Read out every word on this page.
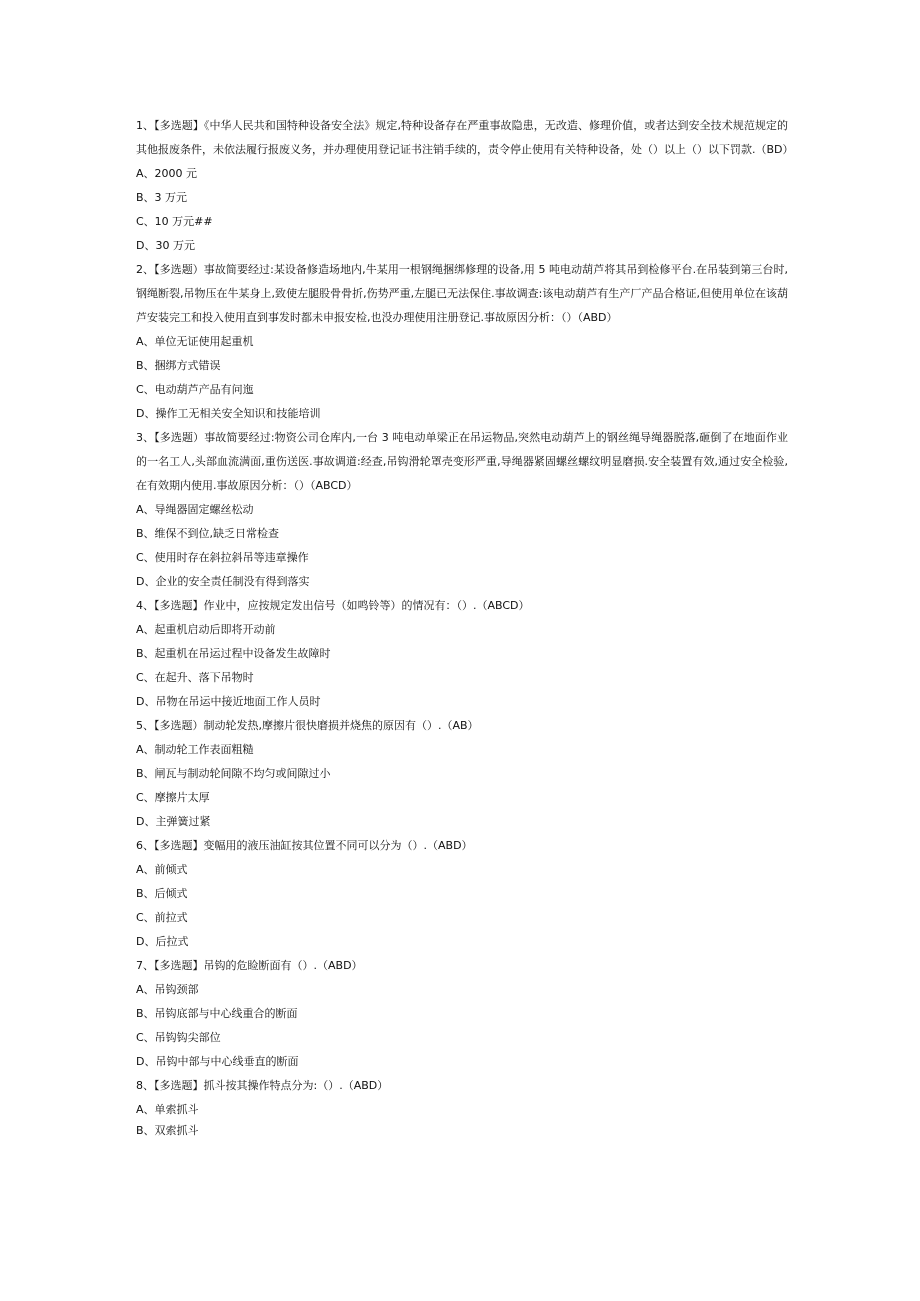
1、【多选题】《中华人民共和国特种设备安全法》规定,特种设备存在严重事故隐患，无改造、修理价值，或者达到安全技术规范规定的其他报废条件，未依法履行报废义务，并办理使用登记证书注销手续的，责令停止使用有关特种设备，处（）以上（）以下罚款.（BD）

A、2000 元

B、3 万元

C、10 万元##

D、30 万元

2、【多选题）事故简要经过:某设备修造场地内,牛某用一根钢绳捆绑修理的设备,用 5 吨电动葫芦将其吊到检修平台.在吊装到第三台时,钢绳断裂,吊物压在牛某身上,致使左腿股骨骨折,伤势严重,左腿已无法保住.事故调查:该电动葫芦有生产厂产品合格证,但使用单位在该葫芦安装完工和投入使用直到事发时都未申报安检,也没办理使用注册登记.事故原因分析：（）（ABD）

A、单位无证使用起重机

B、捆绑方式错误

C、电动葫芦产品有问迤

D、操作工无相关安全知识和技能培训

3、【多选题）事故简要经过:物资公司仓库内,一台 3 吨电动单梁正在吊运物品,突然电动葫芦上的钢丝绳导绳器脱落,砸倒了在地面作业的一名工人,头部血流满面,重伤送医.事故调道:经查,吊钩滑轮罩壳变形严重,导绳器紧固螺丝螺纹明显磨损.安全装置有效,通过安全检验,在有效期内使用.事故原因分析：（）（ABCD）

A、导绳器固定螺丝松动

B、维保不到位,缺乏日常检查

C、使用时存在斜拉斜吊等违章操作

D、企业的安全责任制没有得到落实

4、【多选题】作业中，应按规定发出信号（如鸣铃等）的情况有：（）.（ABCD）

A、起重机启动后即将开动前

B、起重机在吊运过程中设备发生故障时

C、在起升、落下吊物时

D、吊物在吊运中接近地面工作人员时

5、【多选题）制动轮发热,摩擦片很快磨损并烧焦的原因有（）.（AB）

A、制动轮工作表面粗糙

B、闸瓦与制动轮间隙不均匀或间隙过小

C、摩擦片太厚

D、主弹簧过紧

6、【多选题】变幅用的液压油缸按其位置不同可以分为（）.（ABD）

A、前倾式

B、后倾式

C、前拉式

D、后拉式

7、【多选题】吊钩的危睑断面有（）.（ABD）

A、吊钩颈部

B、吊钩底部与中心线重合的断面

C、吊钩钩尖部位

D、吊钩中部与中心线垂直的断面

8、【多选题】抓斗按其操作特点分为:（）.（ABD）

A、单索抓斗

B、双索抓斗
